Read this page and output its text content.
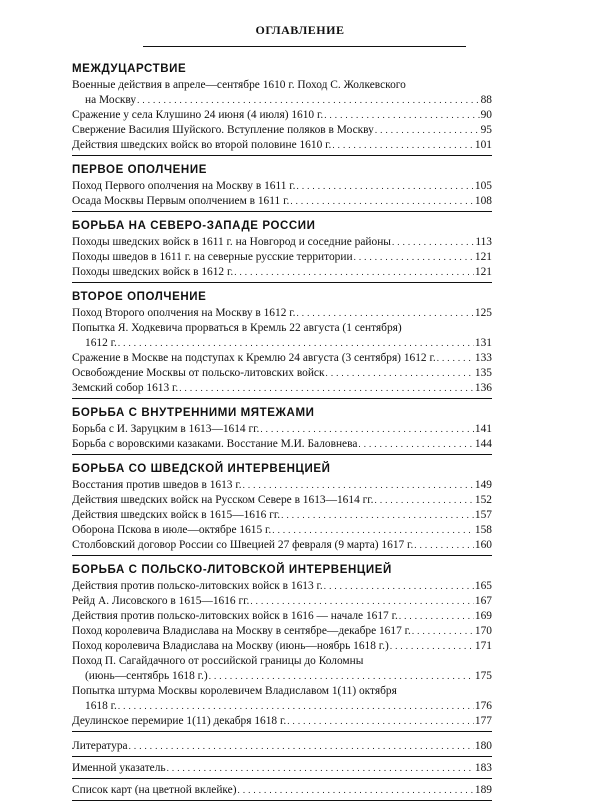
ОГЛАВЛЕНИЕ
МЕЖДУЦАРСТВИЕ
Военные действия в апреле—сентябре 1610 г. Поход С. Жолкевского
на Москву . . .	88
Сражение у села Клушино 24 июня (4 июля) 1610 г. . . .	90
Свержение Василия Шуйского. Вступление поляков в Москву . . .	95
Действия шведских войск во второй половине 1610 г. . . .	101
ПЕРВОЕ ОПОЛЧЕНИЕ
Поход Первого ополчения на Москву в 1611 г. . . .	105
Осада Москвы Первым ополчением в 1611 г. . . .	108
БОРЬБА НА СЕВЕРО-ЗАПАДЕ РОССИИ
Походы шведских войск в 1611 г. на Новгород и соседние районы . . .	113
Походы шведов в 1611 г. на северные русские территории . . .	121
Походы шведских войск в 1612 г. . . .	121
ВТОРОЕ ОПОЛЧЕНИЕ
Поход Второго ополчения на Москву в 1612 г. . . .	125
Попытка Я. Ходкевича прорваться в Кремль 22 августа (1 сентября)
1612 г. . . .	131
Сражение в Москве на подступах к Кремлю 24 августа (3 сентября) 1612 г. . . .	133
Освобождение Москвы от польско-литовских войск . . .	135
Земский собор 1613 г. . . .	136
БОРЬБА С ВНУТРЕННИМИ МЯТЕЖАМИ
Борьба с И. Заруцким в 1613—1614 гг. . . .	141
Борьба с воровскими казаками. Восстание М.И. Баловнева . . .	144
БОРЬБА СО ШВЕДСКОЙ ИНТЕРВЕНЦИЕЙ
Восстания против шведов в 1613 г. . . .	149
Действия шведских войск на Русском Севере в 1613—1614 гг. . . .	152
Действия шведских войск в 1615—1616 гг. . . .	157
Оборона Пскова в июле—октябре 1615 г. . . .	158
Столбовский договор России со Швецией 27 февраля (9 марта) 1617 г. . . .	160
БОРЬБА С ПОЛЬСКО-ЛИТОВСКОЙ ИНТЕРВЕНЦИЕЙ
Действия против польско-литовских войск в 1613 г. . . .	165
Рейд А. Лисовского в 1615—1616 гг. . . .	167
Действия против польско-литовских войск в 1616 — начале 1617 г. . . .	169
Поход королевича Владислава на Москву в сентябре—декабре 1617 г. . . .	170
Поход королевича Владислава на Москву (июнь—ноябрь 1618 г.) . . .	171
Поход П. Сагайдачного от российской границы до Коломны
(июнь—сентябрь 1618 г.) . . .	175
Попытка штурма Москвы королевичем Владиславом 1(11) октября
1618 г. . . .	176
Деулинское перемирие 1(11) декабря 1618 г. . . .	177
Литература . . .	180
Именной указатель . . .	183
Список карт (на цветной вклейке) . . .	189
